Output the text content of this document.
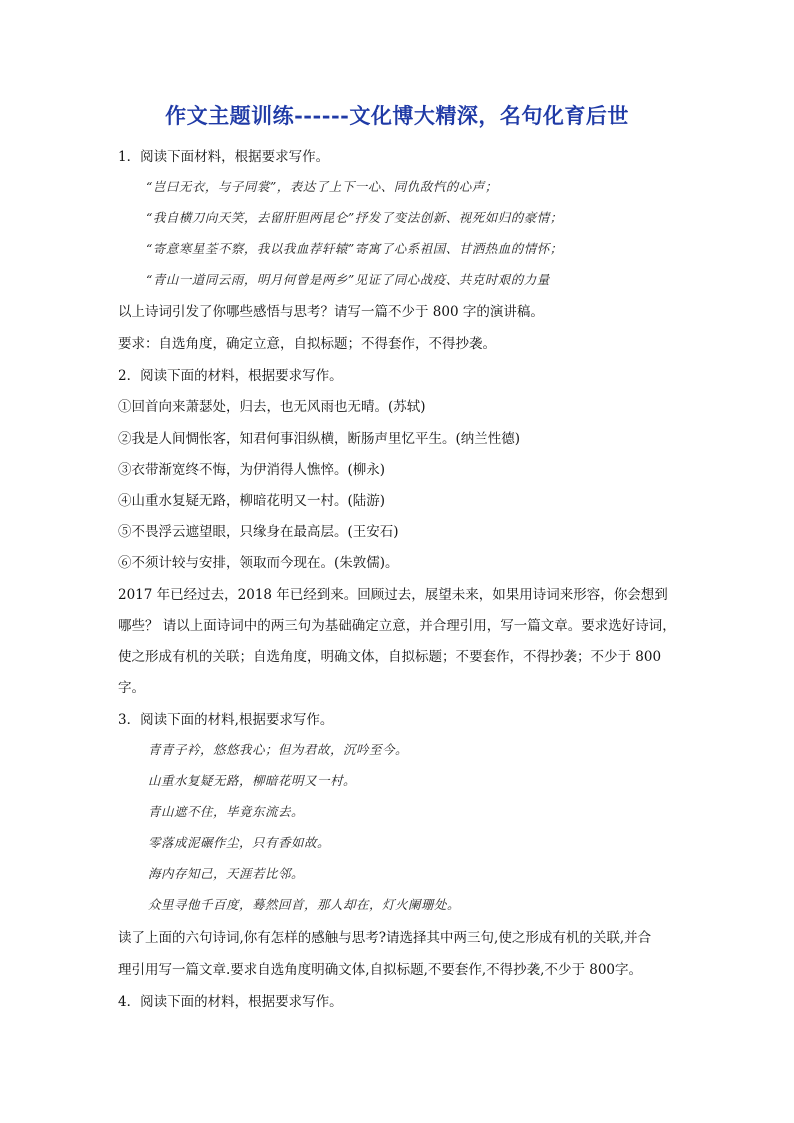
作文主题训练------文化博大精深，名句化育后世
1．阅读下面材料，根据要求写作。
“岂曰无衣，与子同裳”，表达了上下一心、同仇敌忾的心声；
“我自横刀向天笑，去留肝胆两昆仑”抒发了变法创新、视死如归的豪情；
“寄意寒星荃不察，我以我血荐轩辕”寄寓了心系祖国、甘洒热血的情怀；
“青山一道同云雨，明月何曾是两乡”见证了同心战疫、共克时艰的力量
以上诗词引发了你哪些感悟与思考？请写一篇不少于 800 字的演讲稿。
要求：自选角度，确定立意，自拟标题；不得套作，不得抄袭。
2．阅读下面的材料，根据要求写作。
①回首向来萧瑟处，归去，也无风雨也无晴。(苏轼)
②我是人间惆怅客，知君何事泪纵横，断肠声里忆平生。(纳兰性德)
③衣带渐宽终不悔，为伊消得人憔悴。(柳永)
④山重水复疑无路，柳暗花明又一村。(陆游)
⑤不畏浮云遮望眼，只缘身在最高层。(王安石)
⑥不须计较与安排，领取而今现在。(朱敦儒)。
2017 年已经过去，2018 年已经到来。回顾过去，展望未来，如果用诗词来形容，你会想到
哪些？ 请以上面诗词中的两三句为基础确定立意，并合理引用，写一篇文章。要求选好诗词，
使之形成有机的关联；自选角度，明确文体，自拟标题；不要套作，不得抄袭；不少于 800
字。
3．阅读下面的材料,根据要求写作。
青青子衿，悠悠我心；但为君故，沉吟至今。
山重水复疑无路，柳暗花明又一村。
青山遮不住，毕竟东流去。
零落成泥碾作尘，只有香如故。
海内存知己，天涯若比邻。
众里寻他千百度，蓦然回首，那人却在，灯火阑珊处。
读了上面的六句诗词,你有怎样的感触与思考?请选择其中两三句,使之形成有机的关联,并合
理引用写一篇文章.要求自选角度明确文体,自拟标题,不要套作,不得抄袭,不少于 800字。
4．阅读下面的材料，根据要求写作。
